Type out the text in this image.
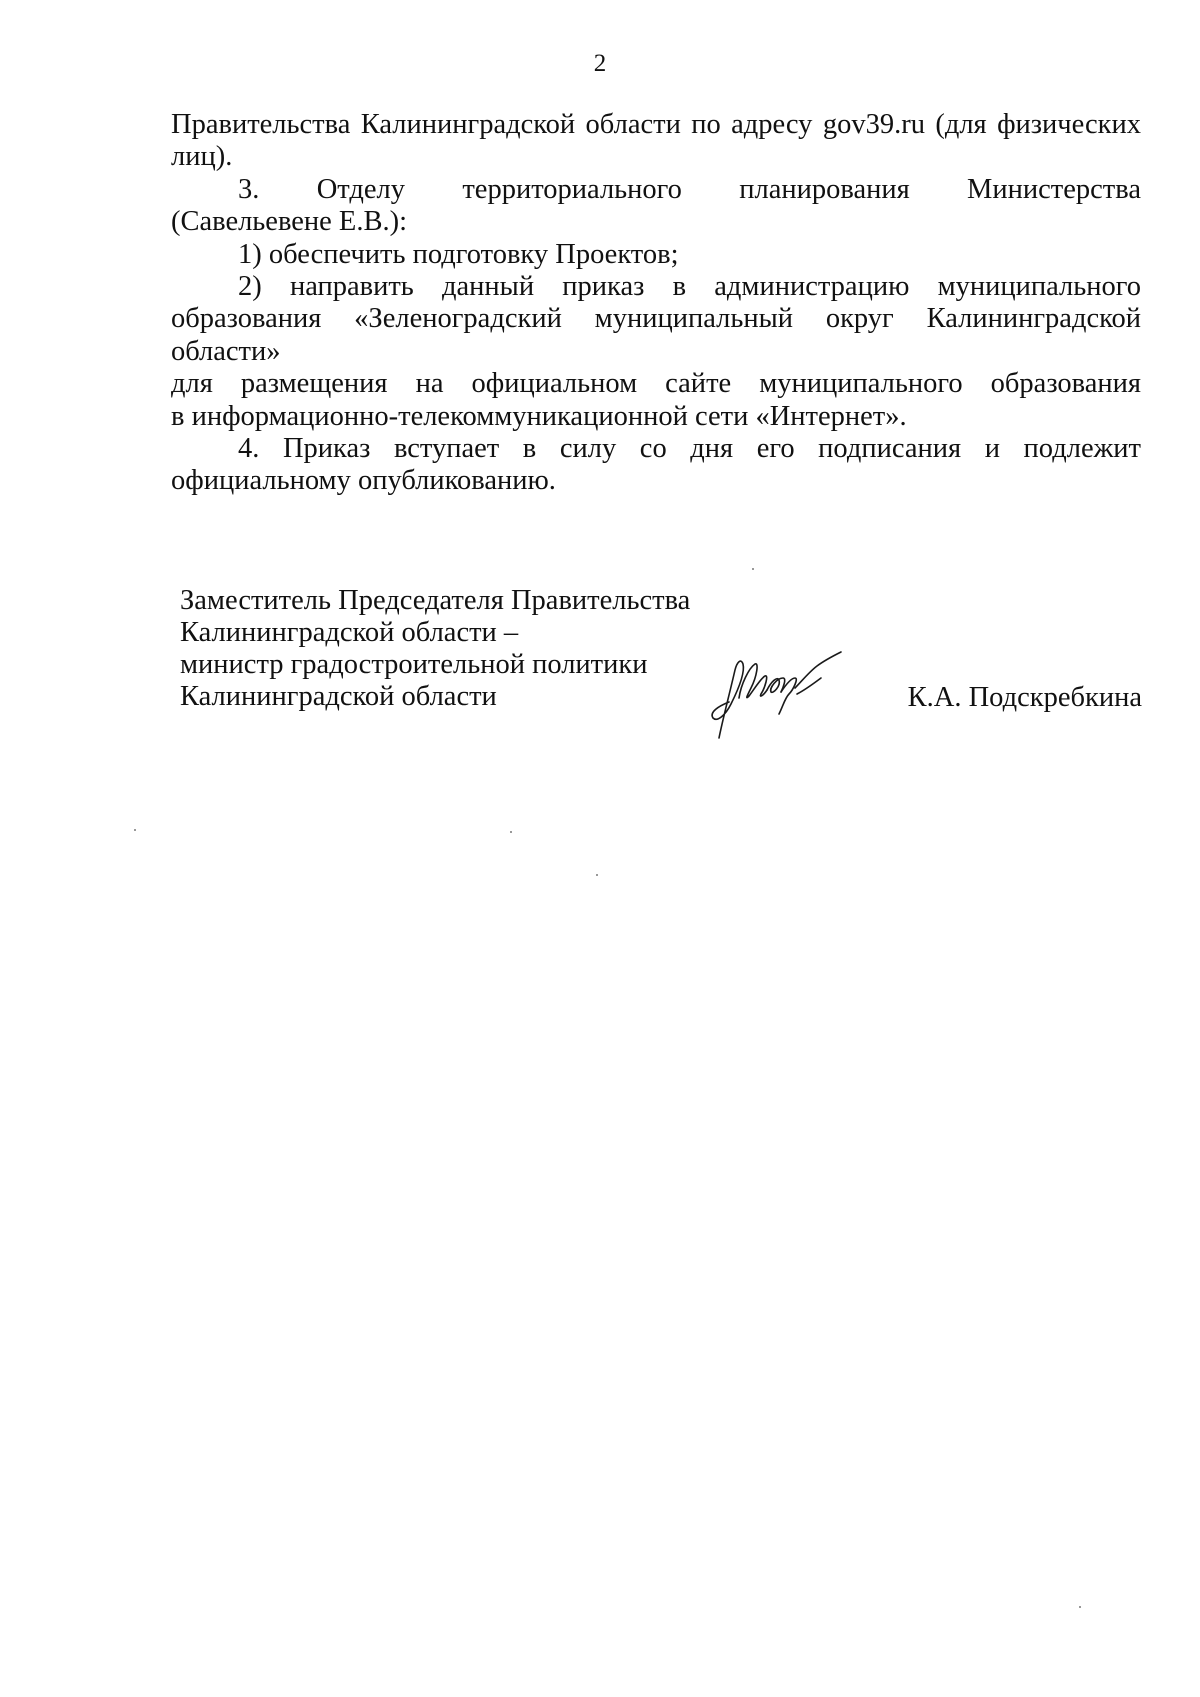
2

Правительства Калининградской области по адресу gov39.ru (для физических

лиц).

3. Отделу территориального планирования Министерства

(Савельевене Е.В.):

1) обеспечить подготовку Проектов;

2) направить данный приказ в администрацию муниципального

образования «Зеленоградский муниципальный округ Калининградской области»

для размещения на официальном сайте муниципального образования

в информационно-телекоммуникационной сети «Интернет».

4. Приказ вступает в силу со дня его подписания и подлежит

официальному опубликованию.

Заместитель Председателя Правительства
Калининградской области –
министр градостроительной политики
Калининградской области	К.А. Подскребкина
